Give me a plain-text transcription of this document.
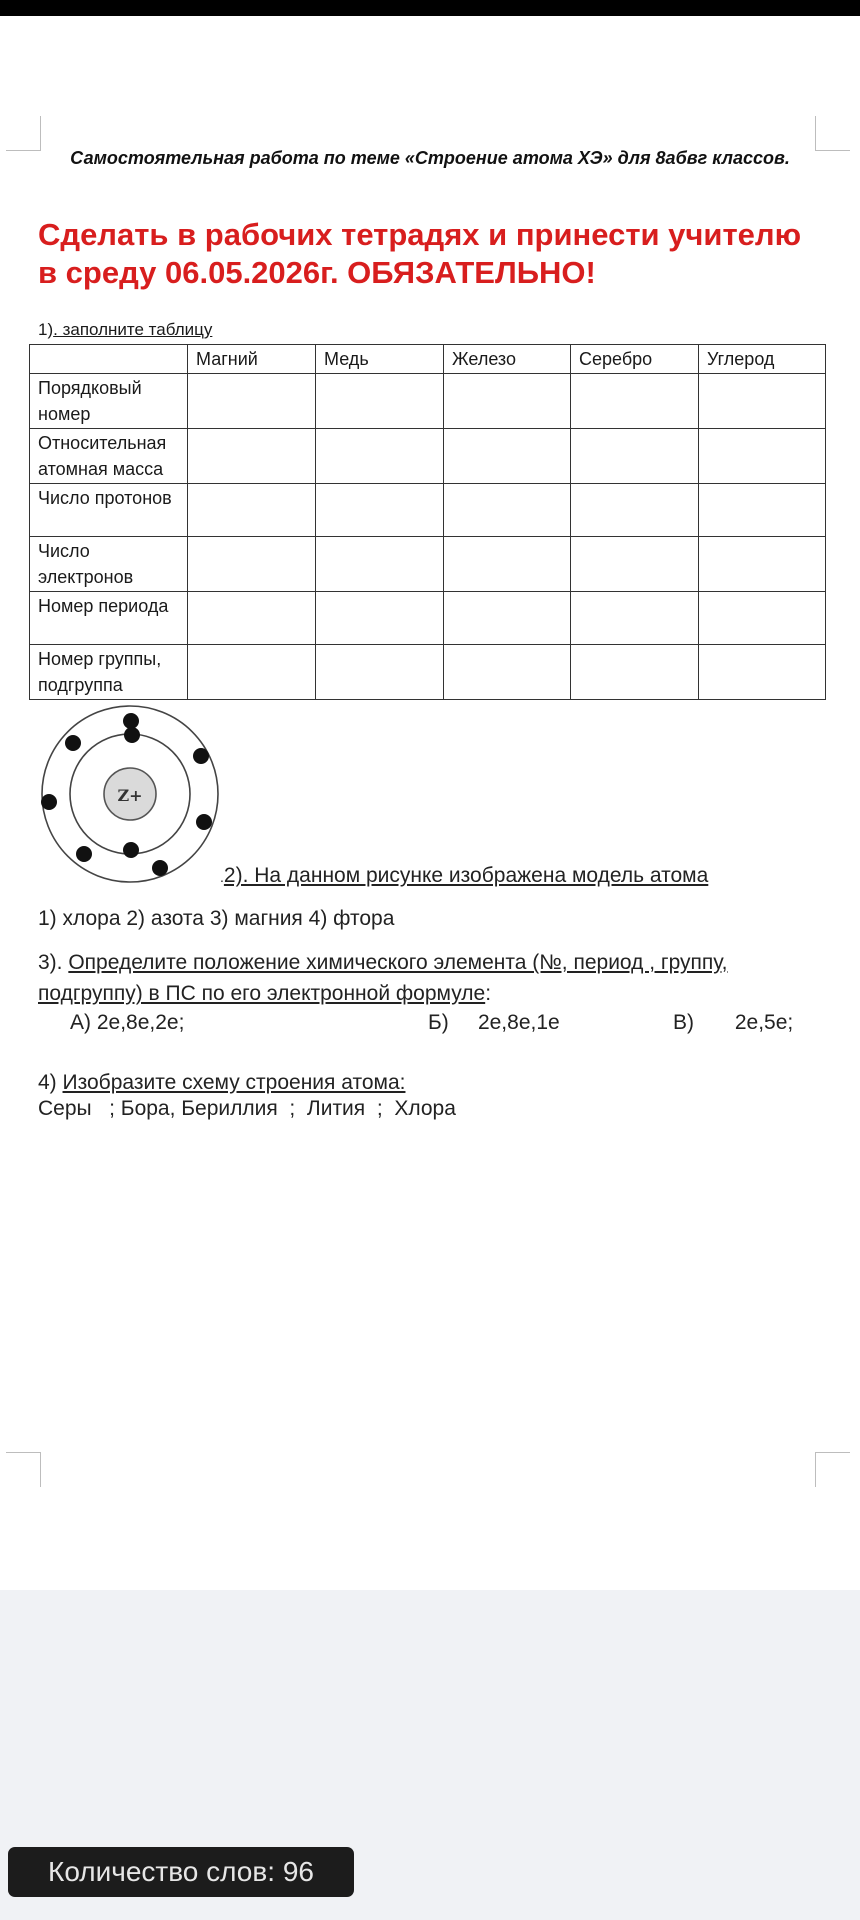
Самостоятельная работа по теме «Строение атома ХЭ» для 8абвг классов.
Сделать в рабочих тетрадях и принести учителю в среду 06.05.2026г. ОБЯЗАТЕЛЬНО!
1). заполните таблицу
	Магний	Медь	Железо	Серебро	Углерод
Порядковый номер					
Относительная атомная масса					
Число протонов					
Число электронов					
Номер периода					
Номер группы, подгруппа					
Z+
.2). На данном рисунке изображена модель атома
1) хлора 2) азота 3) магния 4) фтора
3). Определите положение химического элемента (№, период , группу, подгруппу) в ПС по его электронной формуле:
А) 2е,8е,2е;	Б)     2е,8е,1е	В)       2е,5е;
4) Изобразите схему строения атома:
Серы   ; Бора, Бериллия  ;  Лития  ;  Хлора
Количество слов: 96
